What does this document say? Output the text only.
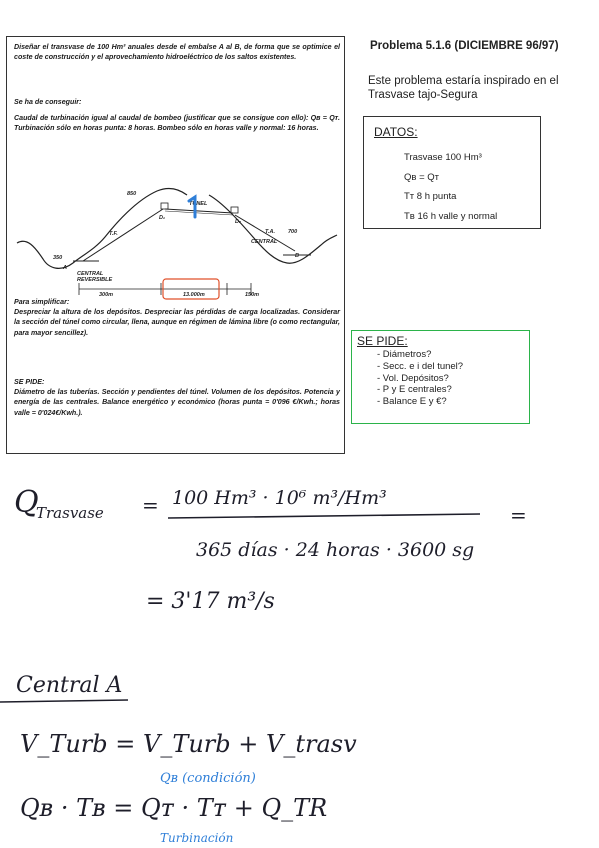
Diseñar el transvase de 100 Hm³ anuales desde el embalse A al B, de forma que se optimice el coste de construcción y el aprovechamiento hidroeléctrico de los saltos existentes.
Se ha de conseguir:
Caudal de turbinación igual al caudal de bombeo (justificar que se consigue con ello): Qʙ = Qᴛ. Turbinación sólo en horas punta: 8 horas. Bombeo sólo en horas valle y normal: 16 horas.
850
700
350
TUNEL
D₁
D₂
CENTRAL
CENTRAL
REVERSIBLE
A
B
T.F.	T.A.
300m	13.000m	150m
Para simplificar:
Despreciar la altura de los depósitos. Despreciar las pérdidas de carga localizadas. Considerar la sección del túnel como circular, llena, aunque en régimen de lámina libre (o como rectangular, para mayor sencillez).
SE PIDE:
Diámetro de las tuberías. Sección y pendientes del túnel. Volumen de los depósitos. Potencia y energía de las centrales. Balance energético y económico (horas punta = 0'096 €/Kwh.; horas valle = 0'024€/Kwh.).
Problema 5.1.6 (DICIEMBRE 96/97)
Este problema estaría inspirado en el Trasvase tajo-Segura
DATOS:
Trasvase 100 Hm³
Qʙ = Qᴛ
Tᴛ 8 h punta
Tʙ 16 h valle y normal
SE PIDE:
- Diámetros?
- Secc. e i del tunel?
- Vol. Depósitos?
- P y E centrales?
- Balance E y €?
Q
Trasvase = 100 Hm³ · 10⁶ m³/Hm³
365 días · 24 horas · 3600 sg
=
= 3'17 m³/s
Central A
V_Turb = V_Turb + V_trasv
Qʙ (condición)
Qʙ · Tʙ = Qᴛ · Tᴛ + Q_TR
Turbinación
